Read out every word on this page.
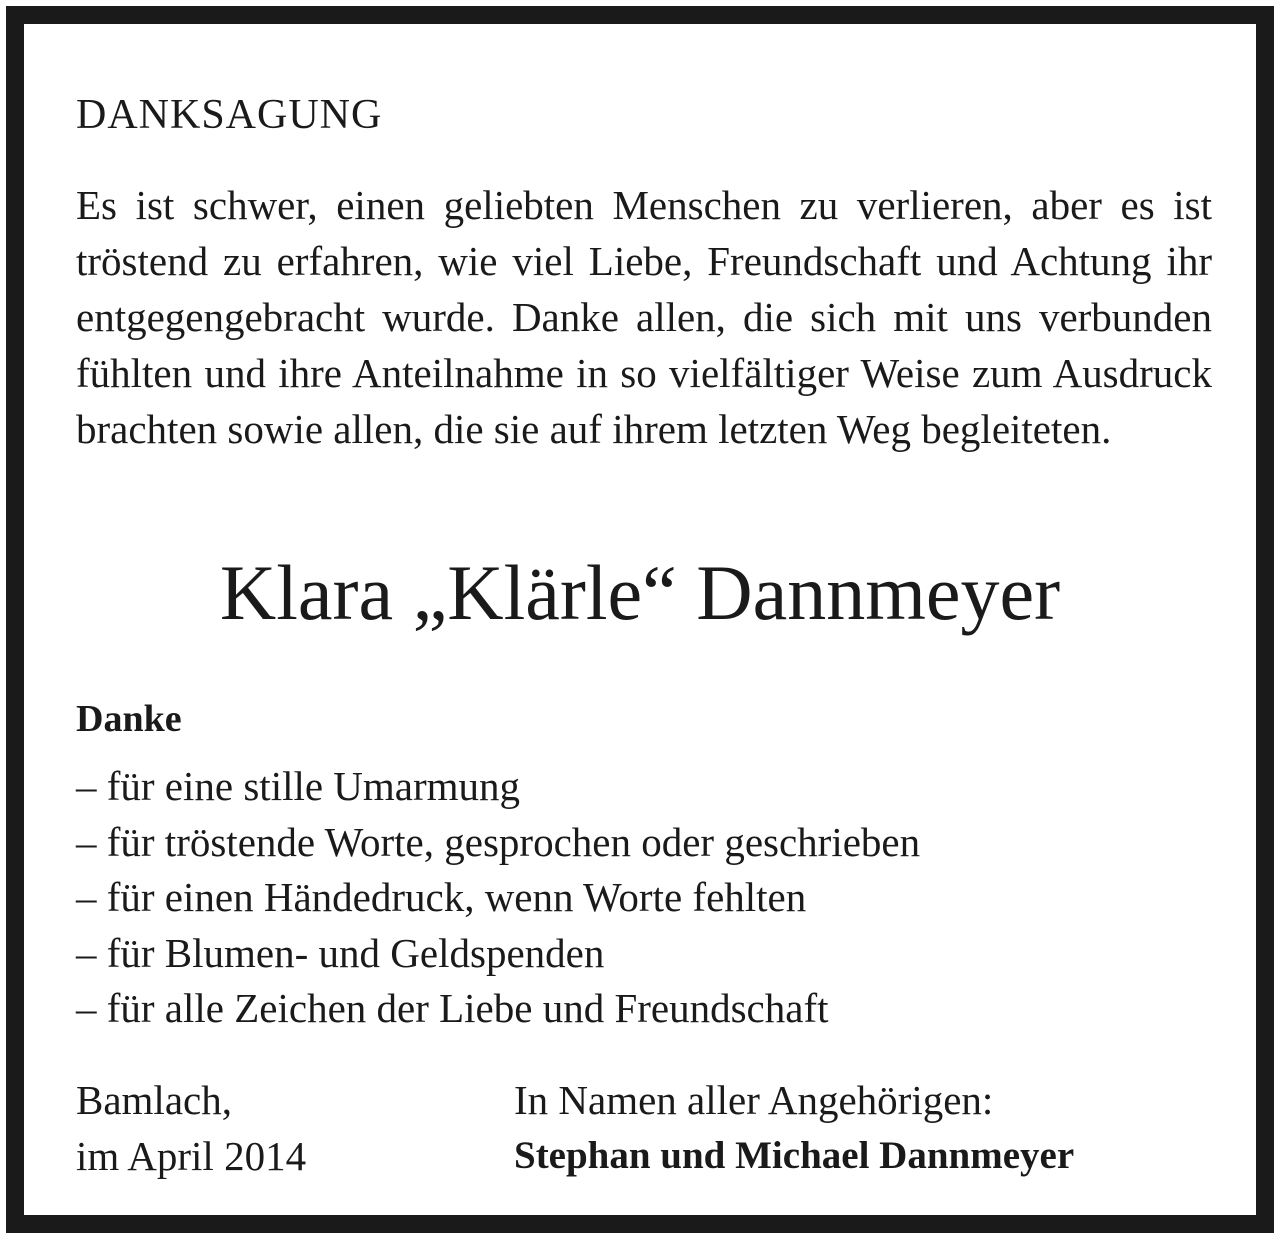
DANKSAGUNG

Es ist schwer, einen geliebten Menschen zu verlieren, aber es ist tröstend zu erfahren, wie viel Liebe, Freundschaft und Achtung ihr entgegengebracht wurde. Danke allen, die sich mit uns verbunden fühlten und ihre Anteilnahme in so vielfältiger Weise zum Ausdruck brachten sowie allen, die sie auf ihrem letzten Weg begleiteten.

Klara „Klärle“ Dannmeyer
Danke
– für eine stille Umarmung
– für tröstende Worte, gesprochen oder geschrieben
– für einen Händedruck, wenn Worte fehlten
– für Blumen- und Geldspenden
– für alle Zeichen der Liebe und Freundschaft
Bamlach,
im April 2014
In Namen aller Angehörigen:
Stephan und Michael Dannmeyer
